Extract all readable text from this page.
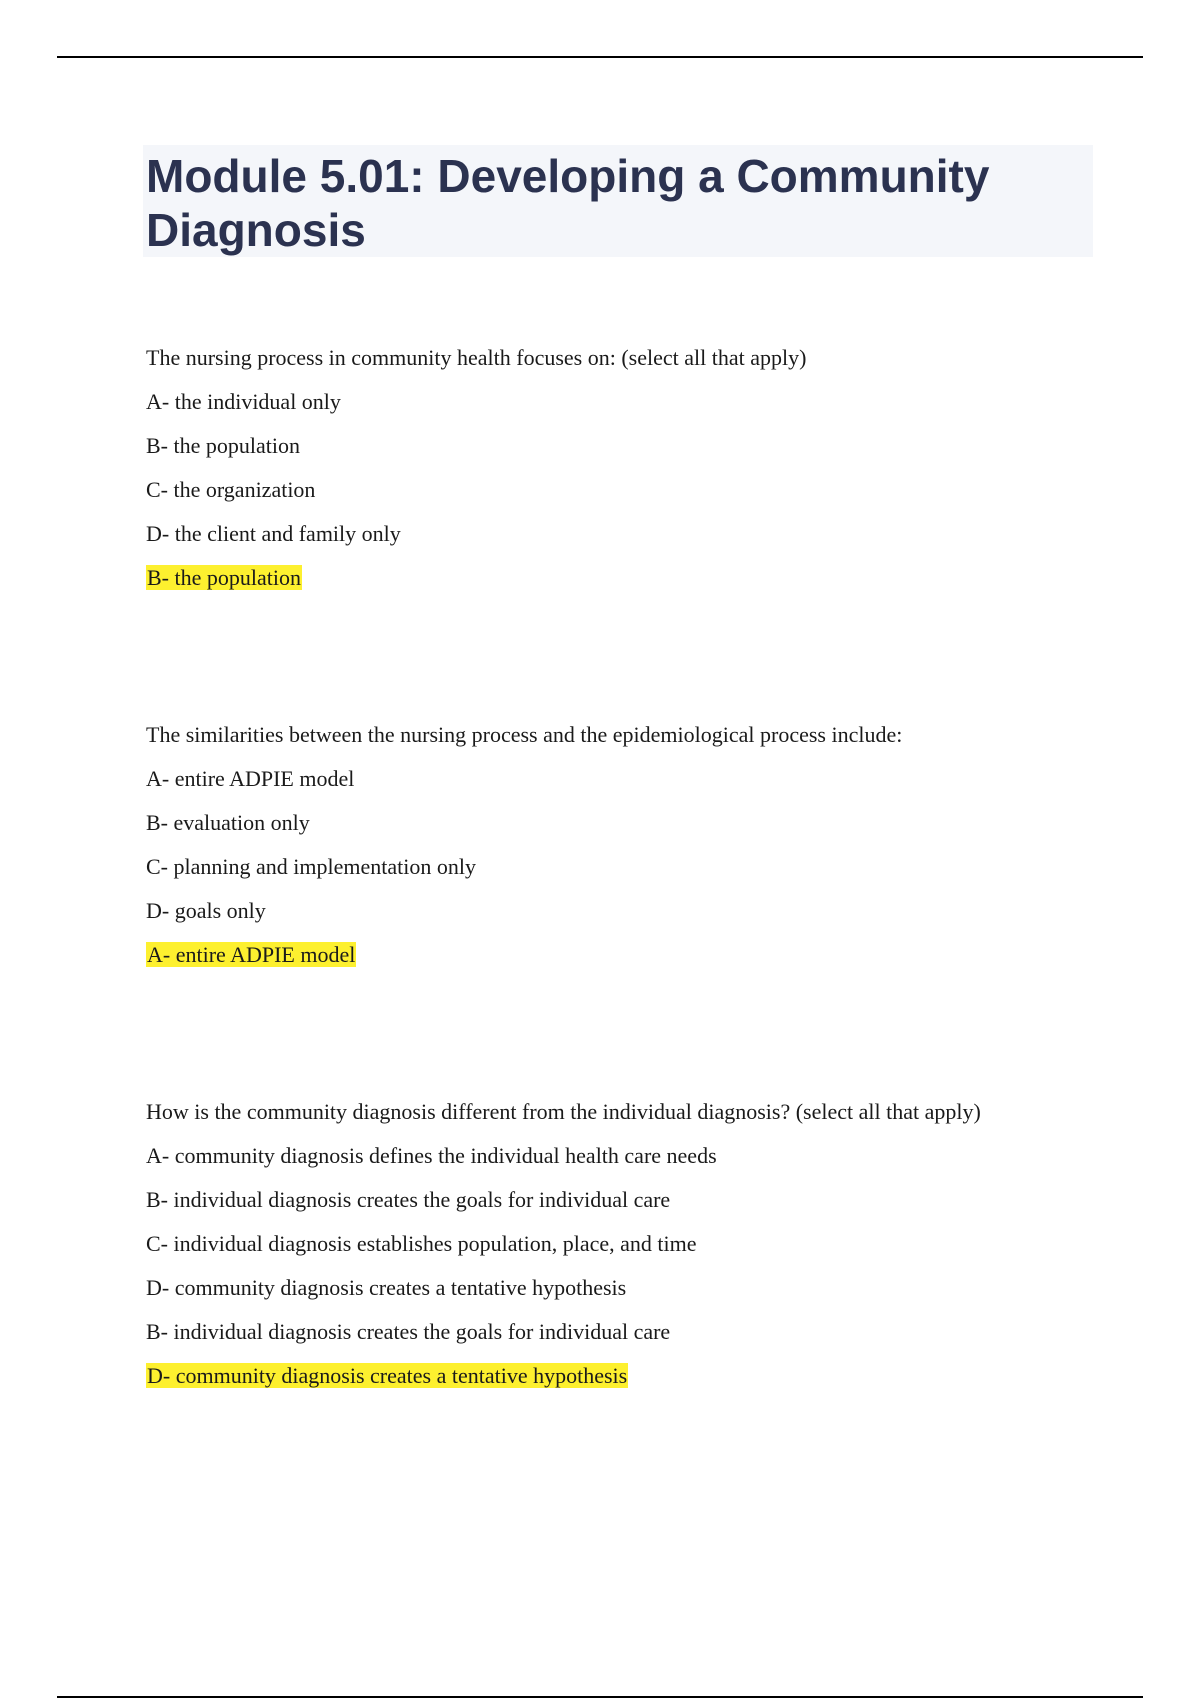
Module 5.01: Developing a Community Diagnosis
The nursing process in community health focuses on: (select all that apply)
A- the individual only
B- the population
C- the organization
D- the client and family only
B- the population
The similarities between the nursing process and the epidemiological process include:
A- entire ADPIE model
B- evaluation only
C- planning and implementation only
D- goals only
A- entire ADPIE model
How is the community diagnosis different from the individual diagnosis? (select all that apply)
A- community diagnosis defines the individual health care needs
B- individual diagnosis creates the goals for individual care
C- individual diagnosis establishes population, place, and time
D- community diagnosis creates a tentative hypothesis
B- individual diagnosis creates the goals for individual care
D- community diagnosis creates a tentative hypothesis
